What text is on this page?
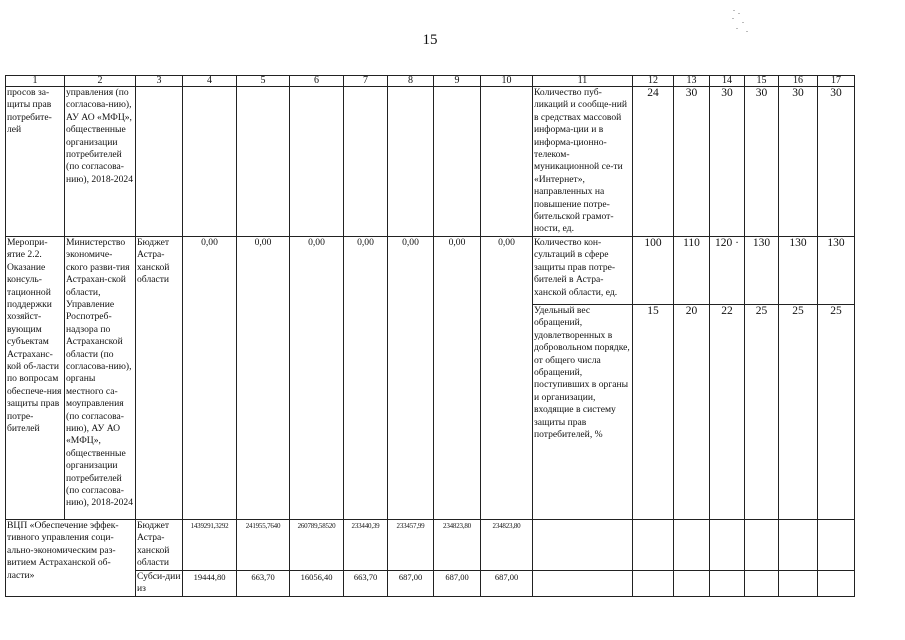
15
1	2	3	4	5	6	7	8	9	10	11	12	13	14	15	16	17
просов за-щиты прав потребите-лей	управления (по согласова-нию), АУ АО «МФЦ», общественные организации потребителей (по согласова-нию), 2018-2024									Количество пуб-ликаций и сообще-ний в средствах массовой информа-ции и в информа-ционно-телеком-муникационной се-ти «Интернет», направленных на повышение потре-бительской грамот-ности, ед.	24	30	30	30	30	30
Меропри-ятие 2.2. Оказание консуль-тационной поддержки хозяйст-вующим субъектам Астраханс-кой об-ласти по вопросам обеспече-ния защиты прав потре-бителей	Министерство экономиче-ского разви-тия Астрахан-ской области, Управление Роспотреб-надзора по Астраханской области (по согласова-нию), органы местного са-моуправления (по согласова-нию), АУ АО «МФЦ», общественные организации потребителей (по согласова-нию), 2018-2024	Бюджет Астра-ханской области	0,00	0,00	0,00	0,00	0,00	0,00	0,00	Количество кон-сультаций в сфере защиты прав потре-бителей в Астра-ханской области, ед.	100	110	120 ·	130	130	130
										Удельный вес обращений, удовлетворенных в добровольном порядке, от общего числа обращений, поступивших в органы и организации, входящие в систему защиты прав потребителей, %	15	20	22	25	25	25
ВЦП «Обеспечение эффек-тивного управления соци-ально-экономическим раз-витием Астраханской об-ласти»		Бюджет Астра-ханской области	1439291,3292	241955,7640	260789,58520	233440,39	233457,99	234823,80	234823,80							
		Субси-дии из	19444,80	663,70	16056,40	663,70	687,00	687,00	687,00							
